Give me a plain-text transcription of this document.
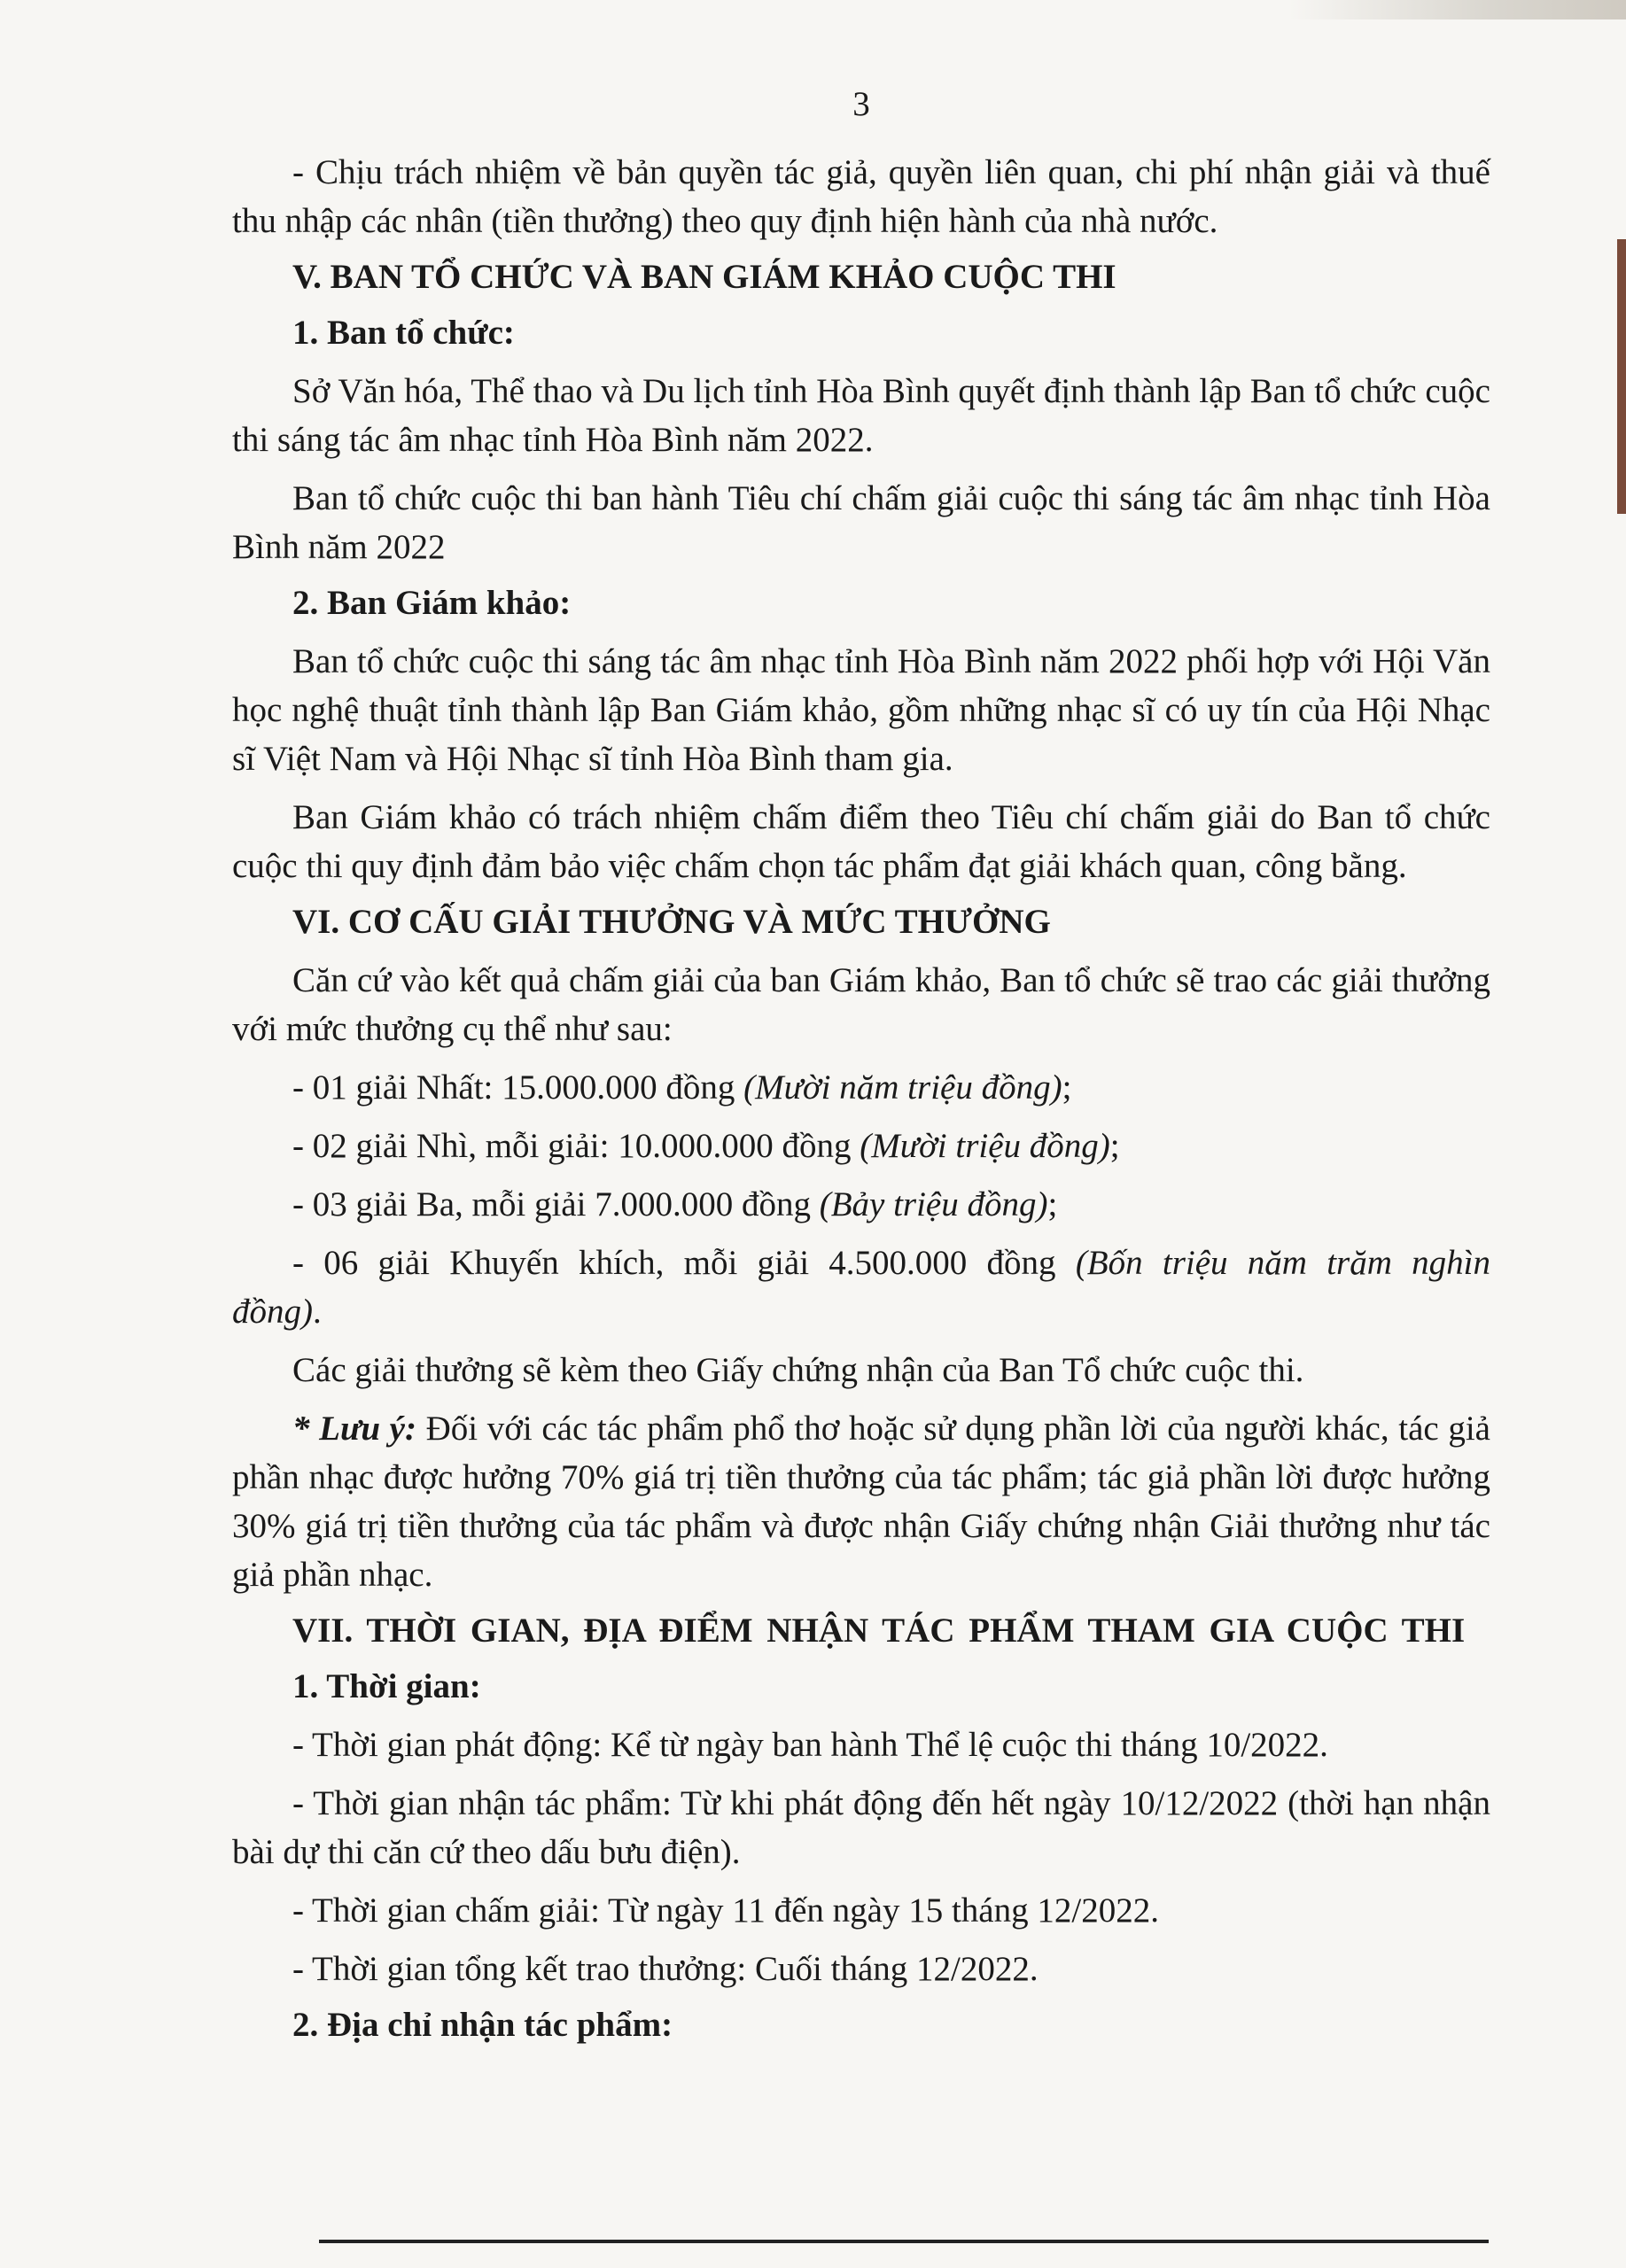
3

- Chịu trách nhiệm về bản quyền tác giả, quyền liên quan, chi phí nhận giải và thuế thu nhập các nhân (tiền thưởng) theo quy định hiện hành của nhà nước.

V. BAN TỔ CHỨC VÀ BAN GIÁM KHẢO CUỘC THI

1. Ban tổ chức:

Sở Văn hóa, Thể thao và Du lịch tỉnh Hòa Bình quyết định thành lập Ban tổ chức cuộc thi sáng tác âm nhạc tỉnh Hòa Bình năm 2022.

Ban tổ chức cuộc thi ban hành Tiêu chí chấm giải cuộc thi sáng tác âm nhạc tỉnh Hòa Bình năm 2022

2. Ban Giám khảo:

Ban tổ chức cuộc thi sáng tác âm nhạc tỉnh Hòa Bình năm 2022 phối hợp với Hội Văn học nghệ thuật tỉnh thành lập Ban Giám khảo, gồm những nhạc sĩ có uy tín của Hội Nhạc sĩ Việt Nam và Hội Nhạc sĩ tỉnh Hòa Bình tham gia.

Ban Giám khảo có trách nhiệm chấm điểm theo Tiêu chí chấm giải do Ban tổ chức cuộc thi quy định đảm bảo việc chấm chọn tác phẩm đạt giải khách quan, công bằng.

VI. CƠ CẤU GIẢI THƯỞNG VÀ MỨC THƯỞNG

Căn cứ vào kết quả chấm giải của ban Giám khảo, Ban tổ chức sẽ trao các giải thưởng với mức thưởng cụ thể như sau:

- 01 giải Nhất: 15.000.000 đồng (Mười năm triệu đồng);

- 02 giải Nhì, mỗi giải: 10.000.000 đồng (Mười triệu đồng);

- 03 giải Ba, mỗi giải 7.000.000 đồng (Bảy triệu đồng);

- 06 giải Khuyến khích, mỗi giải 4.500.000 đồng (Bốn triệu năm trăm nghìn đồng).

Các giải thưởng sẽ kèm theo Giấy chứng nhận của Ban Tổ chức cuộc thi.

* Lưu ý: Đối với các tác phẩm phổ thơ hoặc sử dụng phần lời của người khác, tác giả phần nhạc được hưởng 70% giá trị tiền thưởng của tác phẩm; tác giả phần lời được hưởng 30% giá trị tiền thưởng của tác phẩm và được nhận Giấy chứng nhận Giải thưởng như tác giả phần nhạc.

VII. THỜI GIAN, ĐỊA ĐIỂM NHẬN TÁC PHẨM THAM GIA CUỘC THI

1. Thời gian:

- Thời gian phát động: Kể từ ngày ban hành Thể lệ cuộc thi tháng 10/2022.

- Thời gian nhận tác phẩm: Từ khi phát động đến hết ngày 10/12/2022 (thời hạn nhận bài dự thi căn cứ theo dấu bưu điện).

- Thời gian chấm giải: Từ ngày 11 đến ngày 15 tháng 12/2022.

- Thời gian tổng kết trao thưởng: Cuối tháng 12/2022.

2. Địa chỉ nhận tác phẩm:
